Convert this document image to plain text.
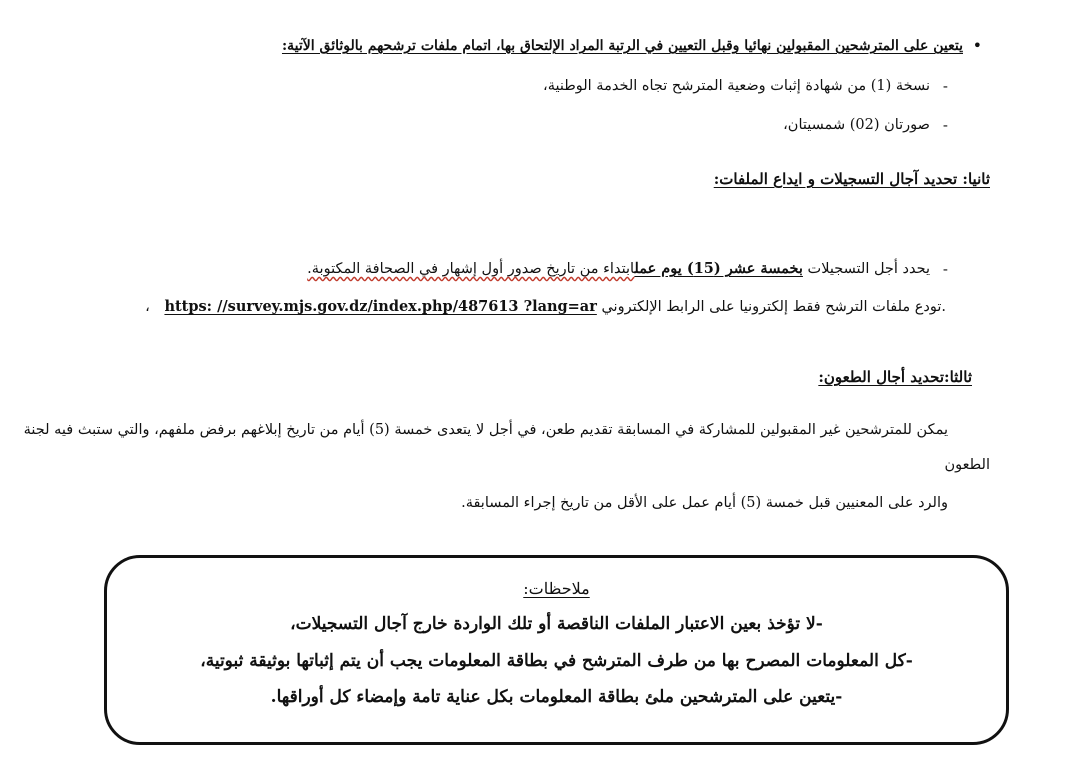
•
يتعين على المترشحين المقبولين نهائيا وقبل التعيين في الرتبة المراد الإلتحاق بها، اتمام ملفات ترشحهم بالوثائق الآتية:
-
نسخة (1) من شهادة إثبات وضعية المترشح تجاه الخدمة الوطنية،
-
صورتان (02) شمسيتان،
ثانيا: تحديد آجال التسجيلات و ايداع الملفات:
-
يحدد أجل التسجيلات بخمسة عشر (15) يوم عملابتداء من تاريخ صدور أول إشهار في الصحافة المكتوبة.
.تودع ملفات الترشح فقط إلكترونيا على الرابط الإلكتروني https: //survey.mjs.gov.dz/index.php/487613 ?lang=ar ،
ثالثا:تحديد أجال الطعون:
يمكن للمترشحين غير المقبولين للمشاركة في المسابقة تقديم طعن، في أجل لا يتعدى خمسة (5) أيام من تاريخ إبلاغهم برفض ملفهم، والتي ستبث فيه لجنة
الطعون
والرد على المعنيين قبل خمسة (5) أيام عمل على الأقل من تاريخ إجراء المسابقة.
ملاحظات:
-لا تؤخذ بعين الاعتبار الملفات الناقصة أو تلك الواردة خارج آجال التسجيلات،
-كل المعلومات المصرح بها من طرف المترشح في بطاقة المعلومات يجب أن يتم إثباتها بوثيقة ثبوتية،
-يتعين على المترشحين ملئ بطاقة المعلومات بكل عناية تامة وإمضاء كل أوراقها.
